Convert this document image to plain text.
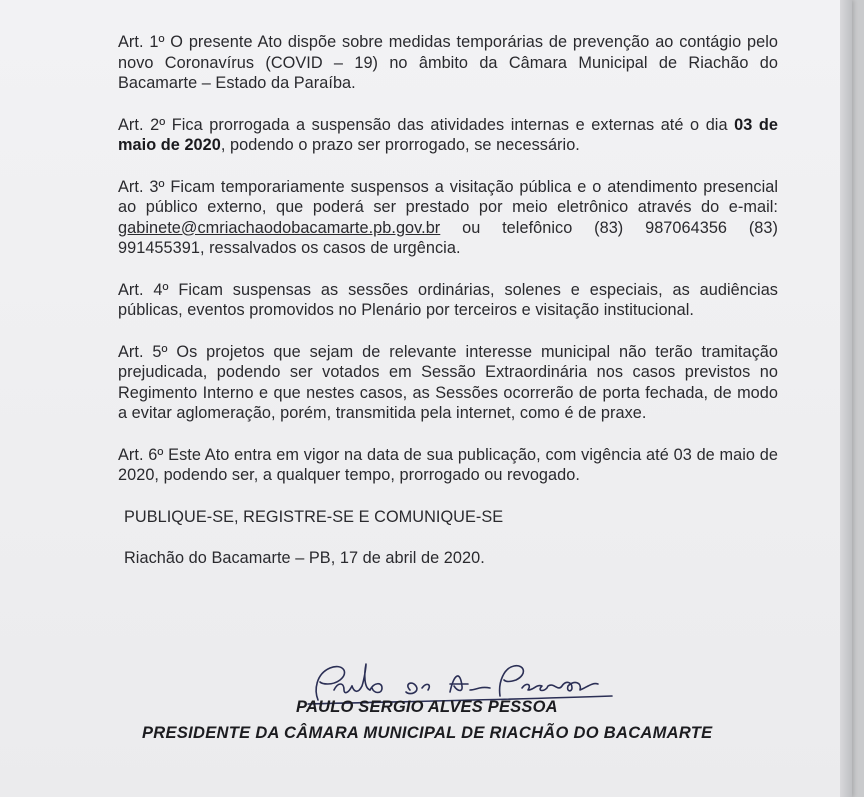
Art. 1º O presente Ato dispõe sobre medidas temporárias de prevenção ao contágio pelo novo Coronavírus (COVID – 19) no âmbito da Câmara Municipal de Riachão do Bacamarte – Estado da Paraíba.

Art. 2º Fica prorrogada a suspensão das atividades internas e externas até o dia 03 de maio de 2020, podendo o prazo ser prorrogado, se necessário.

Art. 3º Ficam temporariamente suspensos a visitação pública e o atendimento presencial ao público externo, que poderá ser prestado por meio eletrônico através do e-mail: gabinete@cmriachaodobacamarte.pb.gov.br ou telefônico (83) 987064356 (83) 991455391, ressalvados os casos de urgência.

Art. 4º Ficam suspensas as sessões ordinárias, solenes e especiais, as audiências públicas, eventos promovidos no Plenário por terceiros e visitação institucional.

Art. 5º Os projetos que sejam de relevante interesse municipal não terão tramitação prejudicada, podendo ser votados em Sessão Extraordinária nos casos previstos no Regimento Interno e que nestes casos, as Sessões ocorrerão de porta fechada, de modo a evitar aglomeração, porém, transmitida pela internet, como é de praxe.

Art. 6º Este Ato entra em vigor na data de sua publicação, com vigência até 03 de maio de 2020, podendo ser, a qualquer tempo, prorrogado ou revogado.

PUBLIQUE-SE, REGISTRE-SE E COMUNIQUE-SE

Riachão do Bacamarte – PB, 17 de abril de 2020.

PAULO SERGIO ALVES PESSOA
PRESIDENTE DA CÂMARA MUNICIPAL DE RIACHÃO DO BACAMARTE
